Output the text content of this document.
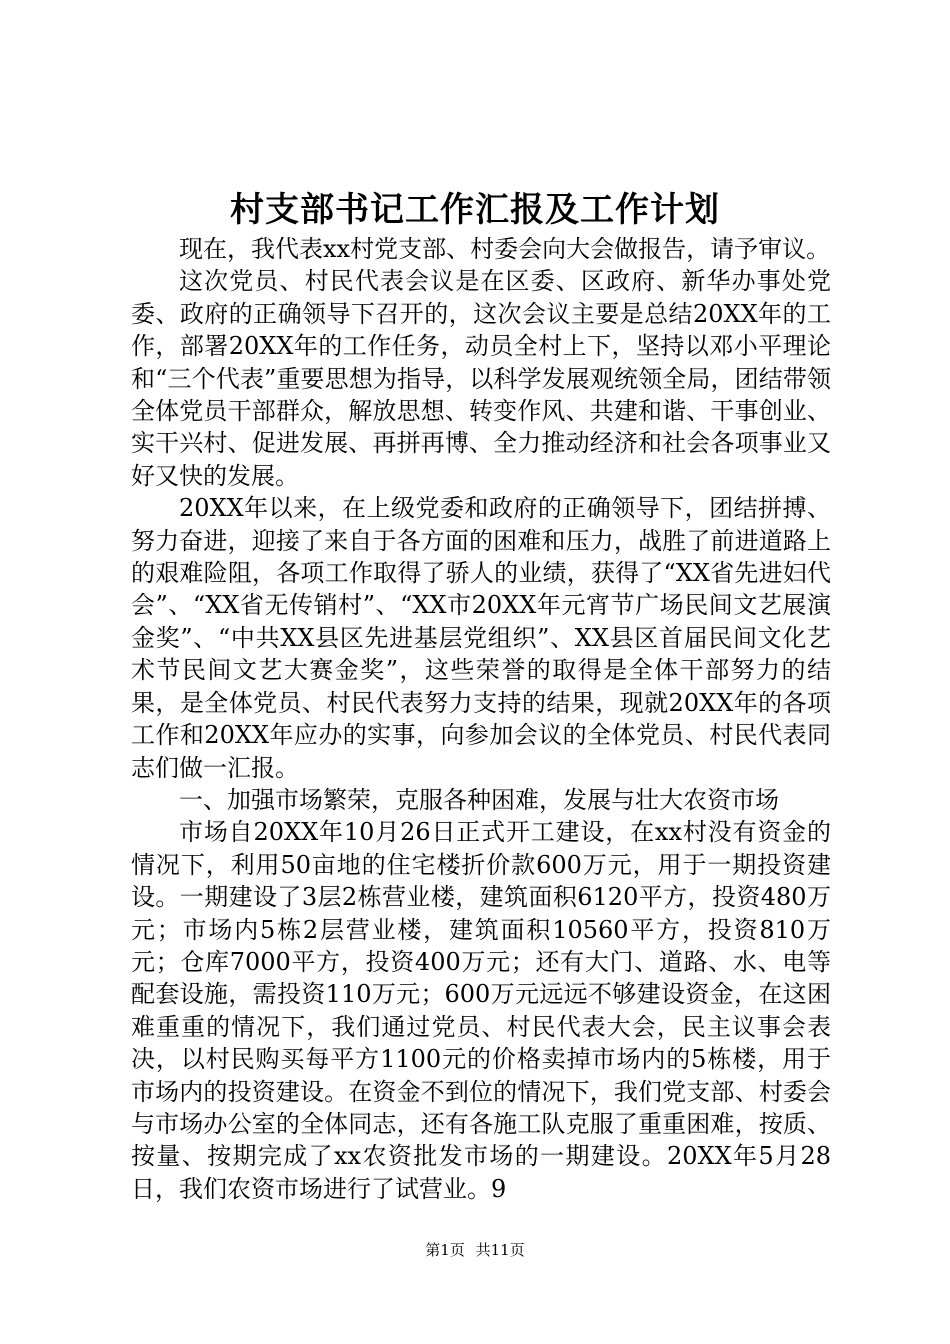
村支部书记工作汇报及工作计划

现在，我代表xx村党支部、村委会向大会做报告，请予审议。

这次党员、村民代表会议是在区委、区政府、新华办事处党委、政府的正确领导下召开的，这次会议主要是总结20XX年的工作，部署20XX年的工作任务，动员全村上下，坚持以邓小平理论和“三个代表”重要思想为指导，以科学发展观统领全局，团结带领全体党员干部群众，解放思想、转变作风、共建和谐、干事创业、实干兴村、促进发展、再拼再博、全力推动经济和社会各项事业又好又快的发展。

20XX年以来，在上级党委和政府的正确领导下，团结拼搏、努力奋进，迎接了来自于各方面的困难和压力，战胜了前进道路上的艰难险阻，各项工作取得了骄人的业绩，获得了“XX省先进妇代会”、“XX省无传销村”、“XX市20XX年元宵节广场民间文艺展演金奖”、“中共XX县区先进基层党组织”、XX县区首届民间文化艺术节民间文艺大赛金奖”，这些荣誉的取得是全体干部努力的结果，是全体党员、村民代表努力支持的结果，现就20XX年的各项工作和20XX年应办的实事，向参加会议的全体党员、村民代表同志们做一汇报。

一、加强市场繁荣，克服各种困难，发展与壮大农资市场

市场自20XX年10月26日正式开工建设，在xx村没有资金的情况下，利用50亩地的住宅楼折价款600万元，用于一期投资建设。一期建设了3层2栋营业楼，建筑面积6120平方，投资480万元；市场内5栋2层营业楼，建筑面积10560平方，投资810万元；仓库7000平方，投资400万元；还有大门、道路、水、电等配套设施，需投资110万元；600万元远远不够建设资金，在这困难重重的情况下，我们通过党员、村民代表大会，民主议事会表决，以村民购买每平方1100元的价格卖掉市场内的5栋楼，用于市场内的投资建设。在资金不到位的情况下，我们党支部、村委会与市场办公室的全体同志，还有各施工队克服了重重困难，按质、按量、按期完成了xx农资批发市场的一期建设。20XX年5月28日，我们农资市场进行了试营业。9

第1页 共11页
